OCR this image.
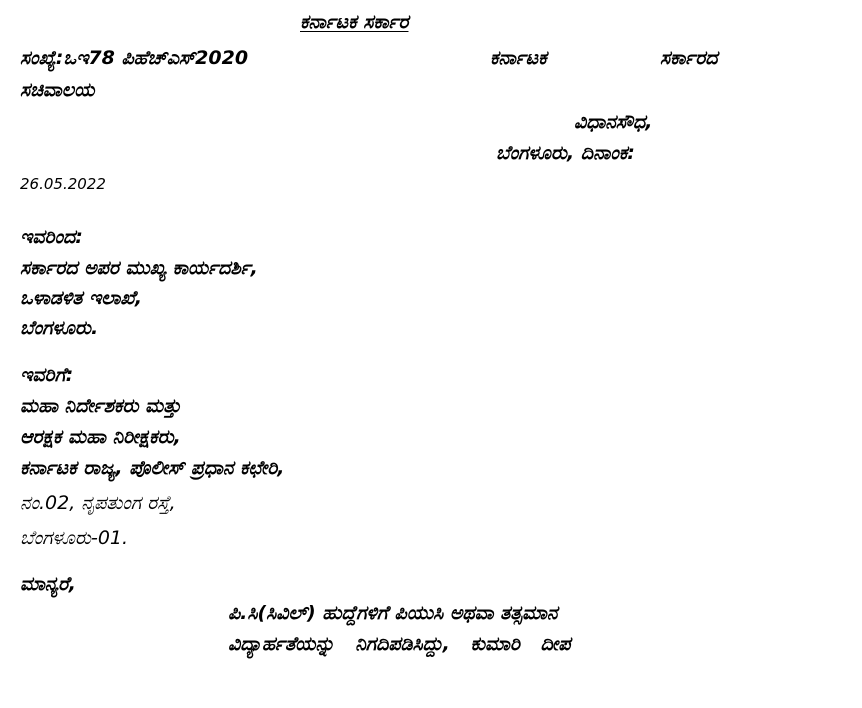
ಕರ್ನಾಟಕ ಸರ್ಕಾರ
ಸಂಖ್ಯೆ:ಒಇ78 ಪಿಹೆಚ್ಎಸ್2020	ಕರ್ನಾಟಕ	ಸರ್ಕಾರದ
ಸಚಿವಾಲಯ
ವಿಧಾನಸೌಧ,
ಬೆಂಗಳೂರು, ದಿನಾಂಕ:
26.05.2022
ಇವರಿಂದ:
ಸರ್ಕಾರದ ಅಪರ ಮುಖ್ಯ ಕಾರ್ಯದರ್ಶಿ,
ಒಳಾಡಳಿತ ಇಲಾಖೆ,
ಬೆಂಗಳೂರು.
ಇವರಿಗೆ:
ಮಹಾ ನಿರ್ದೇಶಕರು ಮತ್ತು
ಆರಕ್ಷಕ ಮಹಾ ನಿರೀಕ್ಷಕರು,
ಕರ್ನಾಟಕ ರಾಜ್ಯ, ಪೊಲೀಸ್ ಪ್ರಧಾನ ಕಛೇರಿ,
ನಂ.02, ನೃಪತುಂಗ ರಸ್ತೆ,
ಬೆಂಗಳೂರು-01.
ಮಾನ್ಯರೆ,
ಪಿ.ಸಿ(ಸಿವಿಲ್) ಹುದ್ದೆಗಳಿಗೆ ಪಿಯುಸಿ ಅಥವಾ ತತ್ಸಮಾನ
ವಿದ್ಯಾರ್ಹತೆಯನ್ನು ನಿಗದಿಪಡಿಸಿದ್ದು, ಕುಮಾರಿ ದೀಪ
